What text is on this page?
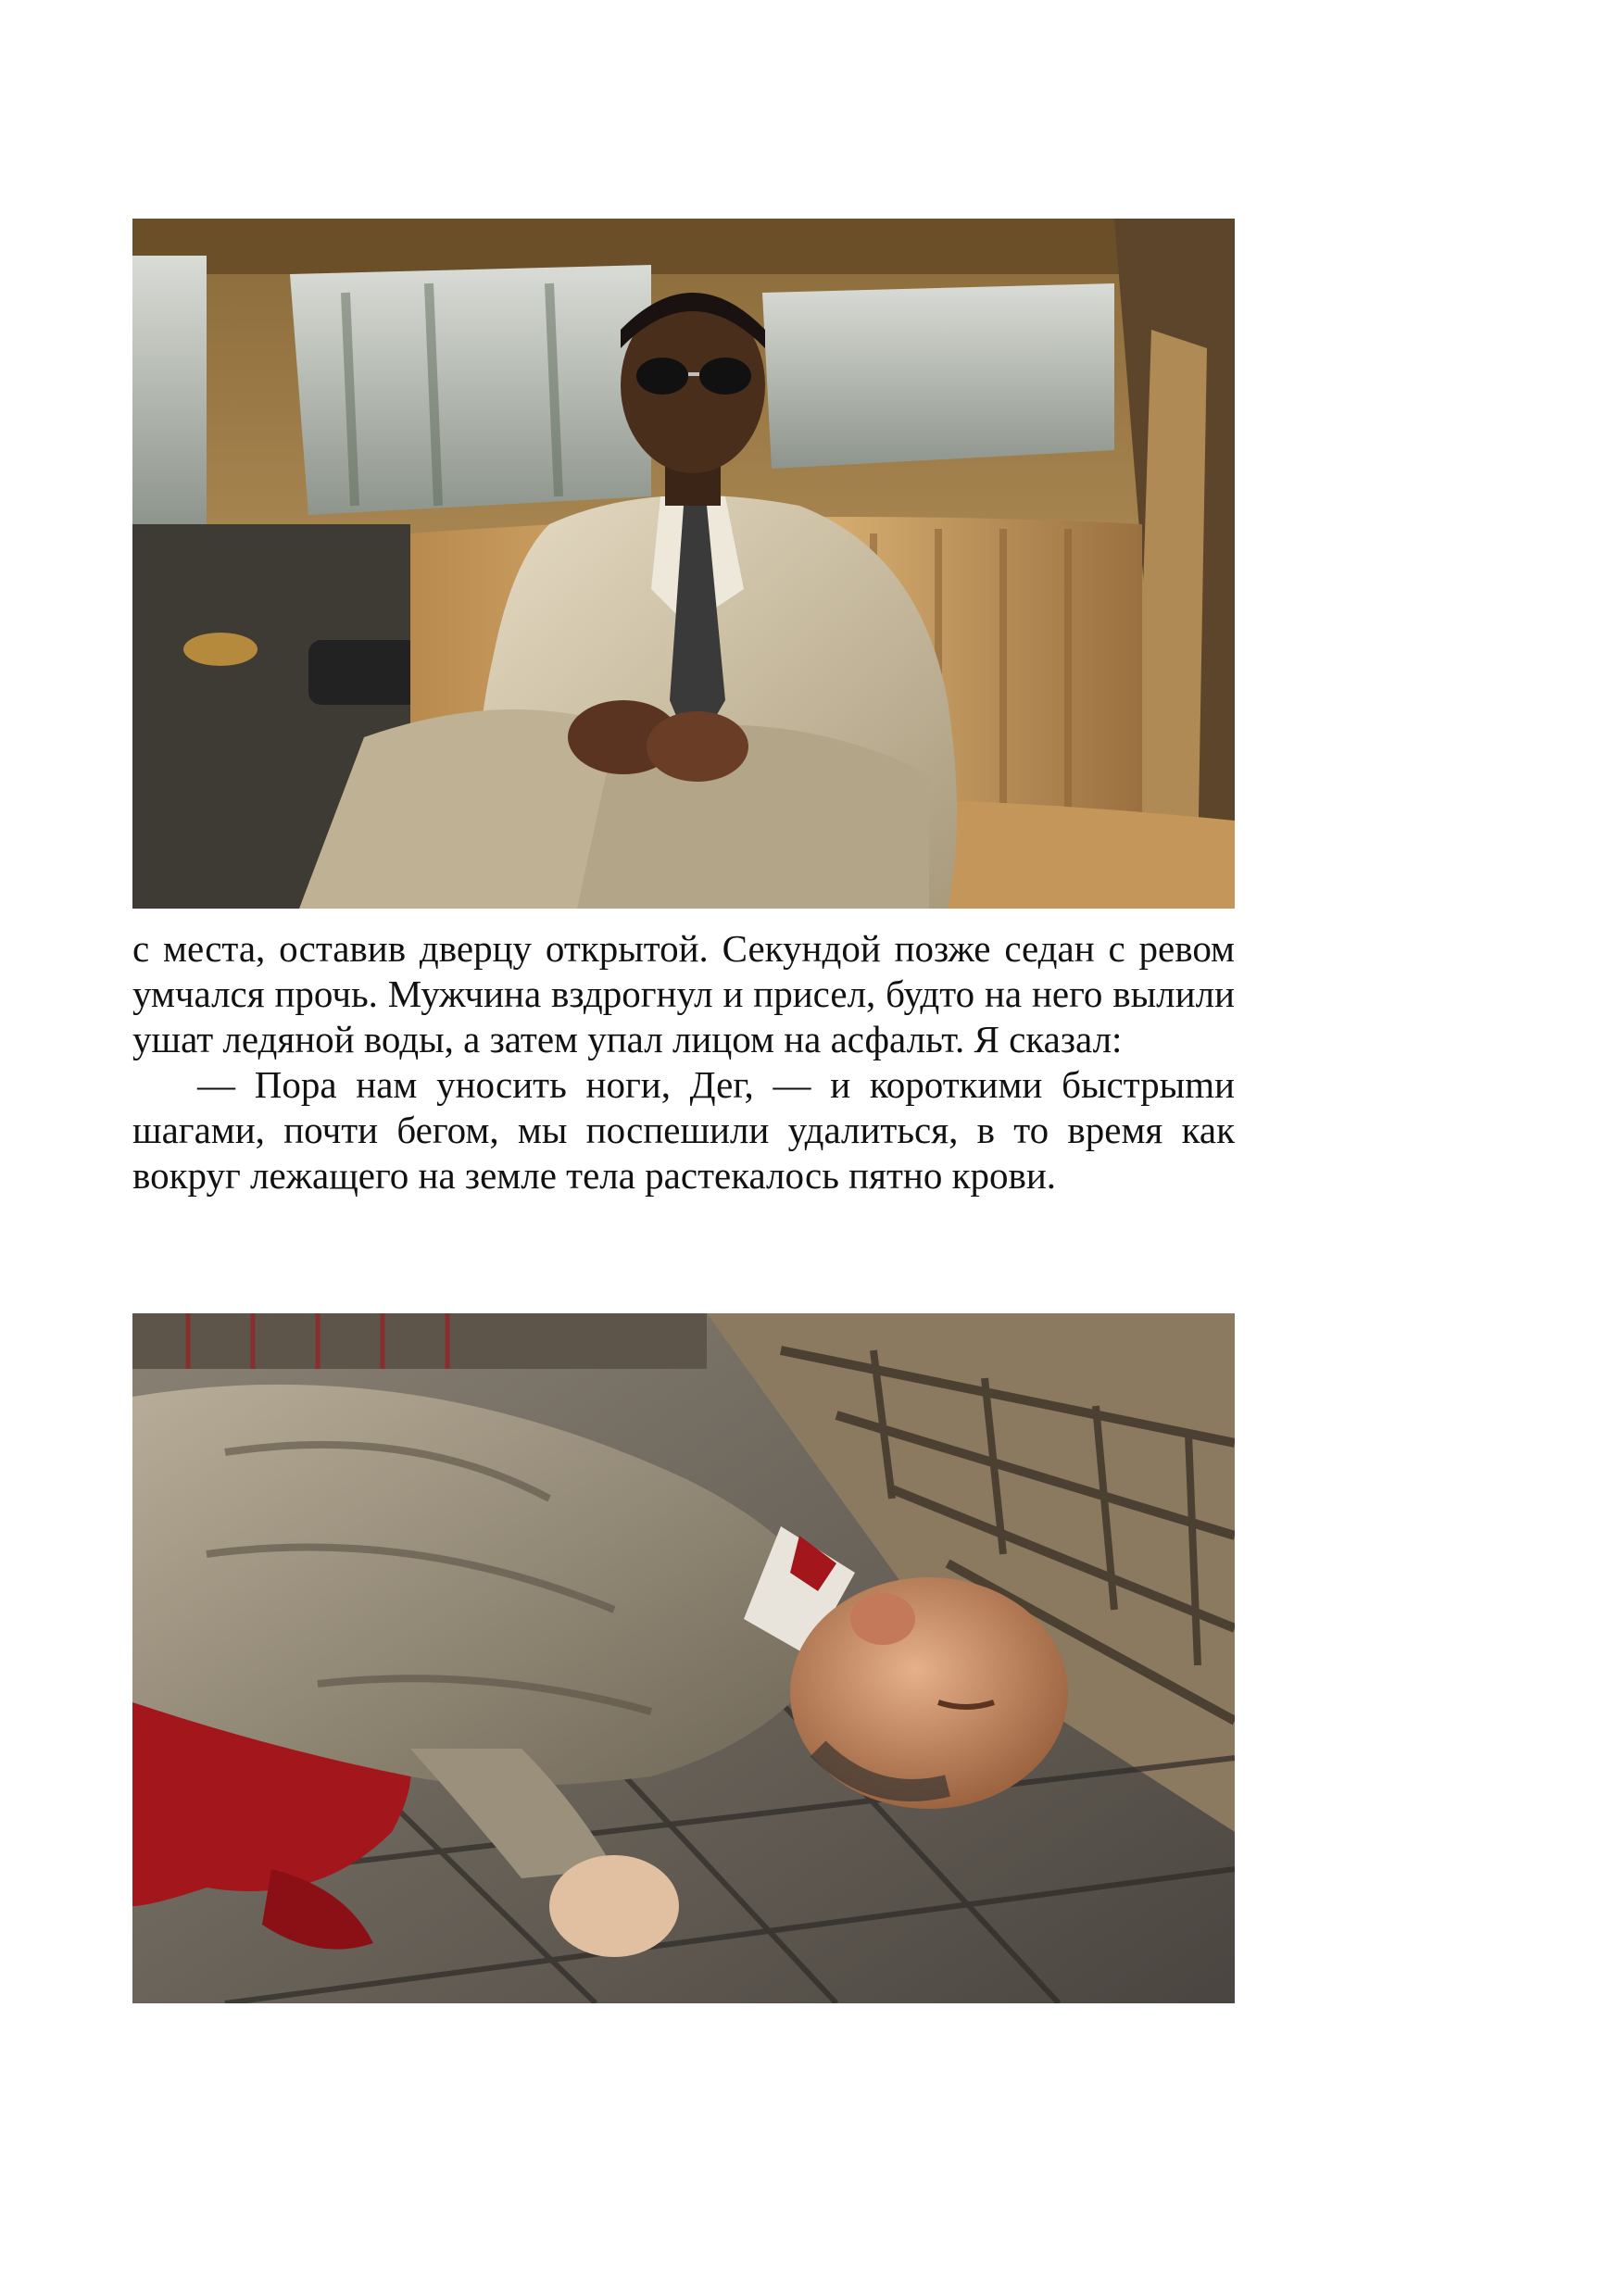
с места, оставив дверцу открытой. Секундой позже седан с ревом умчался прочь. Мужчина вздрогнул и присел, будто на него вылили ушат ледяной воды, а затем упал лицом на асфальт. Я сказал:

— Пора нам уносить ноги, Дег, — и короткими быстрыmи шагами, почти бегом, мы поспешили удалиться, в то время как вокруг лежащего на земле тела растекалось пятно крови.
